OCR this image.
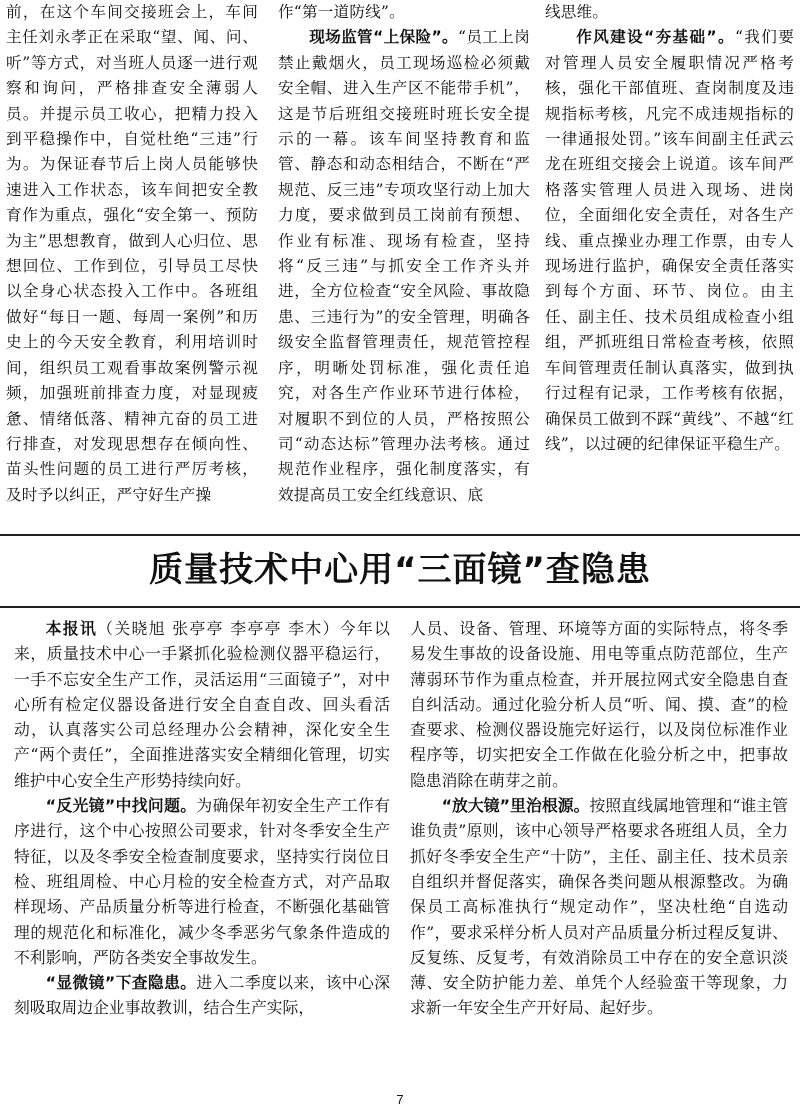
前，在这个车间交接班会上，车间主任刘永孝正在采取“望、闻、问、听”等方式，对当班人员逐一进行观察和询问，严格排查安全薄弱人员。并提示员工收心，把精力投入到平稳操作中，自觉杜绝“三违”行为。为保证春节后上岗人员能够快速进入工作状态，该车间把安全教育作为重点，强化“安全第一、预防为主”思想教育，做到人心归位、思想回位、工作到位，引导员工尽快以全身心状态投入工作中。各班组做好“每日一题、每周一案例”和历史上的今天安全教育，利用培训时间，组织员工观看事故案例警示视频，加强班前排查力度，对显现疲惫、情绪低落、精神亢奋的员工进行排查，对发现思想存在倾向性、苗头性问题的员工进行严厉考核，及时予以纠正，严守好生产操

作“第一道防线”。

现场监管“上保险”。“员工上岗禁止戴烟火，员工现场巡检必须戴安全帽、进入生产区不能带手机”，这是节后班组交接班时班长安全提示的一幕。该车间坚持教育和监管、静态和动态相结合，不断在“严规范、反三违”专项攻坚行动上加大力度，要求做到员工岗前有预想、作业有标准、现场有检查，坚持将“反三违”与抓安全工作齐头并进，全方位检查“安全风险、事故隐患、三违行为”的安全管理，明确各级安全监督管理责任，规范管控程序，明晰处罚标准，强化责任追究，对各生产作业环节进行体检，对履职不到位的人员，严格按照公司“动态达标”管理办法考核。通过规范作业程序，强化制度落实，有效提高员工安全红线意识、底

线思维。

作风建设“夯基础”。“我们要对管理人员安全履职情况严格考核，强化干部值班、查岗制度及违规指标考核，凡完不成违规指标的一律通报处罚。”该车间副主任武云龙在班组交接会上说道。该车间严格落实管理人员进入现场、进岗位，全面细化安全责任，对各生产线、重点操业办理工作票，由专人现场进行监护，确保安全责任落实到每个方面、环节、岗位。由主任、副主任、技术员组成检查小组组，严抓班组日常检查考核，依照车间管理责任制认真落实，做到执行过程有记录，工作考核有依据，确保员工做到不踩“黄线”、不越“红线”，以过硬的纪律保证平稳生产。

质量技术中心用“三面镜”查隐患

本报讯（关晓旭 张亭亭 李亭亭 李木）今年以来，质量技术中心一手紧抓化验检测仪器平稳运行，一手不忘安全生产工作，灵活运用“三面镜子”，对中心所有检定仪器设备进行安全自查自改、回头看活动，认真落实公司总经理办公会精神，深化安全生产“两个责任”，全面推进落实安全精细化管理，切实维护中心安全生产形势持续向好。

“反光镜”中找问题。为确保年初安全生产工作有序进行，这个中心按照公司要求，针对冬季安全生产特征，以及冬季安全检查制度要求，坚持实行岗位日检、班组周检、中心月检的安全检查方式，对产品取样现场、产品质量分析等进行检查，不断强化基础管理的规范化和标准化，减少冬季恶劣气象条件造成的不利影响，严防各类安全事故发生。

“显微镜”下查隐患。进入二季度以来，该中心深刻吸取周边企业事故教训，结合生产实际，

人员、设备、管理、环境等方面的实际特点，将冬季易发生事故的设备设施、用电等重点防范部位，生产薄弱环节作为重点检查，并开展拉网式安全隐患自查自纠活动。通过化验分析人员“听、闻、摸、查”的检查要求、检测仪器设施完好运行，以及岗位标准作业程序等，切实把安全工作做在化验分析之中，把事故隐患消除在萌芽之前。

“放大镜”里治根源。按照直线属地管理和“谁主管谁负责”原则，该中心领导严格要求各班组人员，全力抓好冬季安全生产“十防”，主任、副主任、技术员亲自组织并督促落实，确保各类问题从根源整改。为确保员工高标准执行“规定动作”，坚决杜绝“自选动作”，要求采样分析人员对产品质量分析过程反复讲、反复练、反复考，有效消除员工中存在的安全意识淡薄、安全防护能力差、单凭个人经验蛮干等现象，力求新一年安全生产开好局、起好步。

7
